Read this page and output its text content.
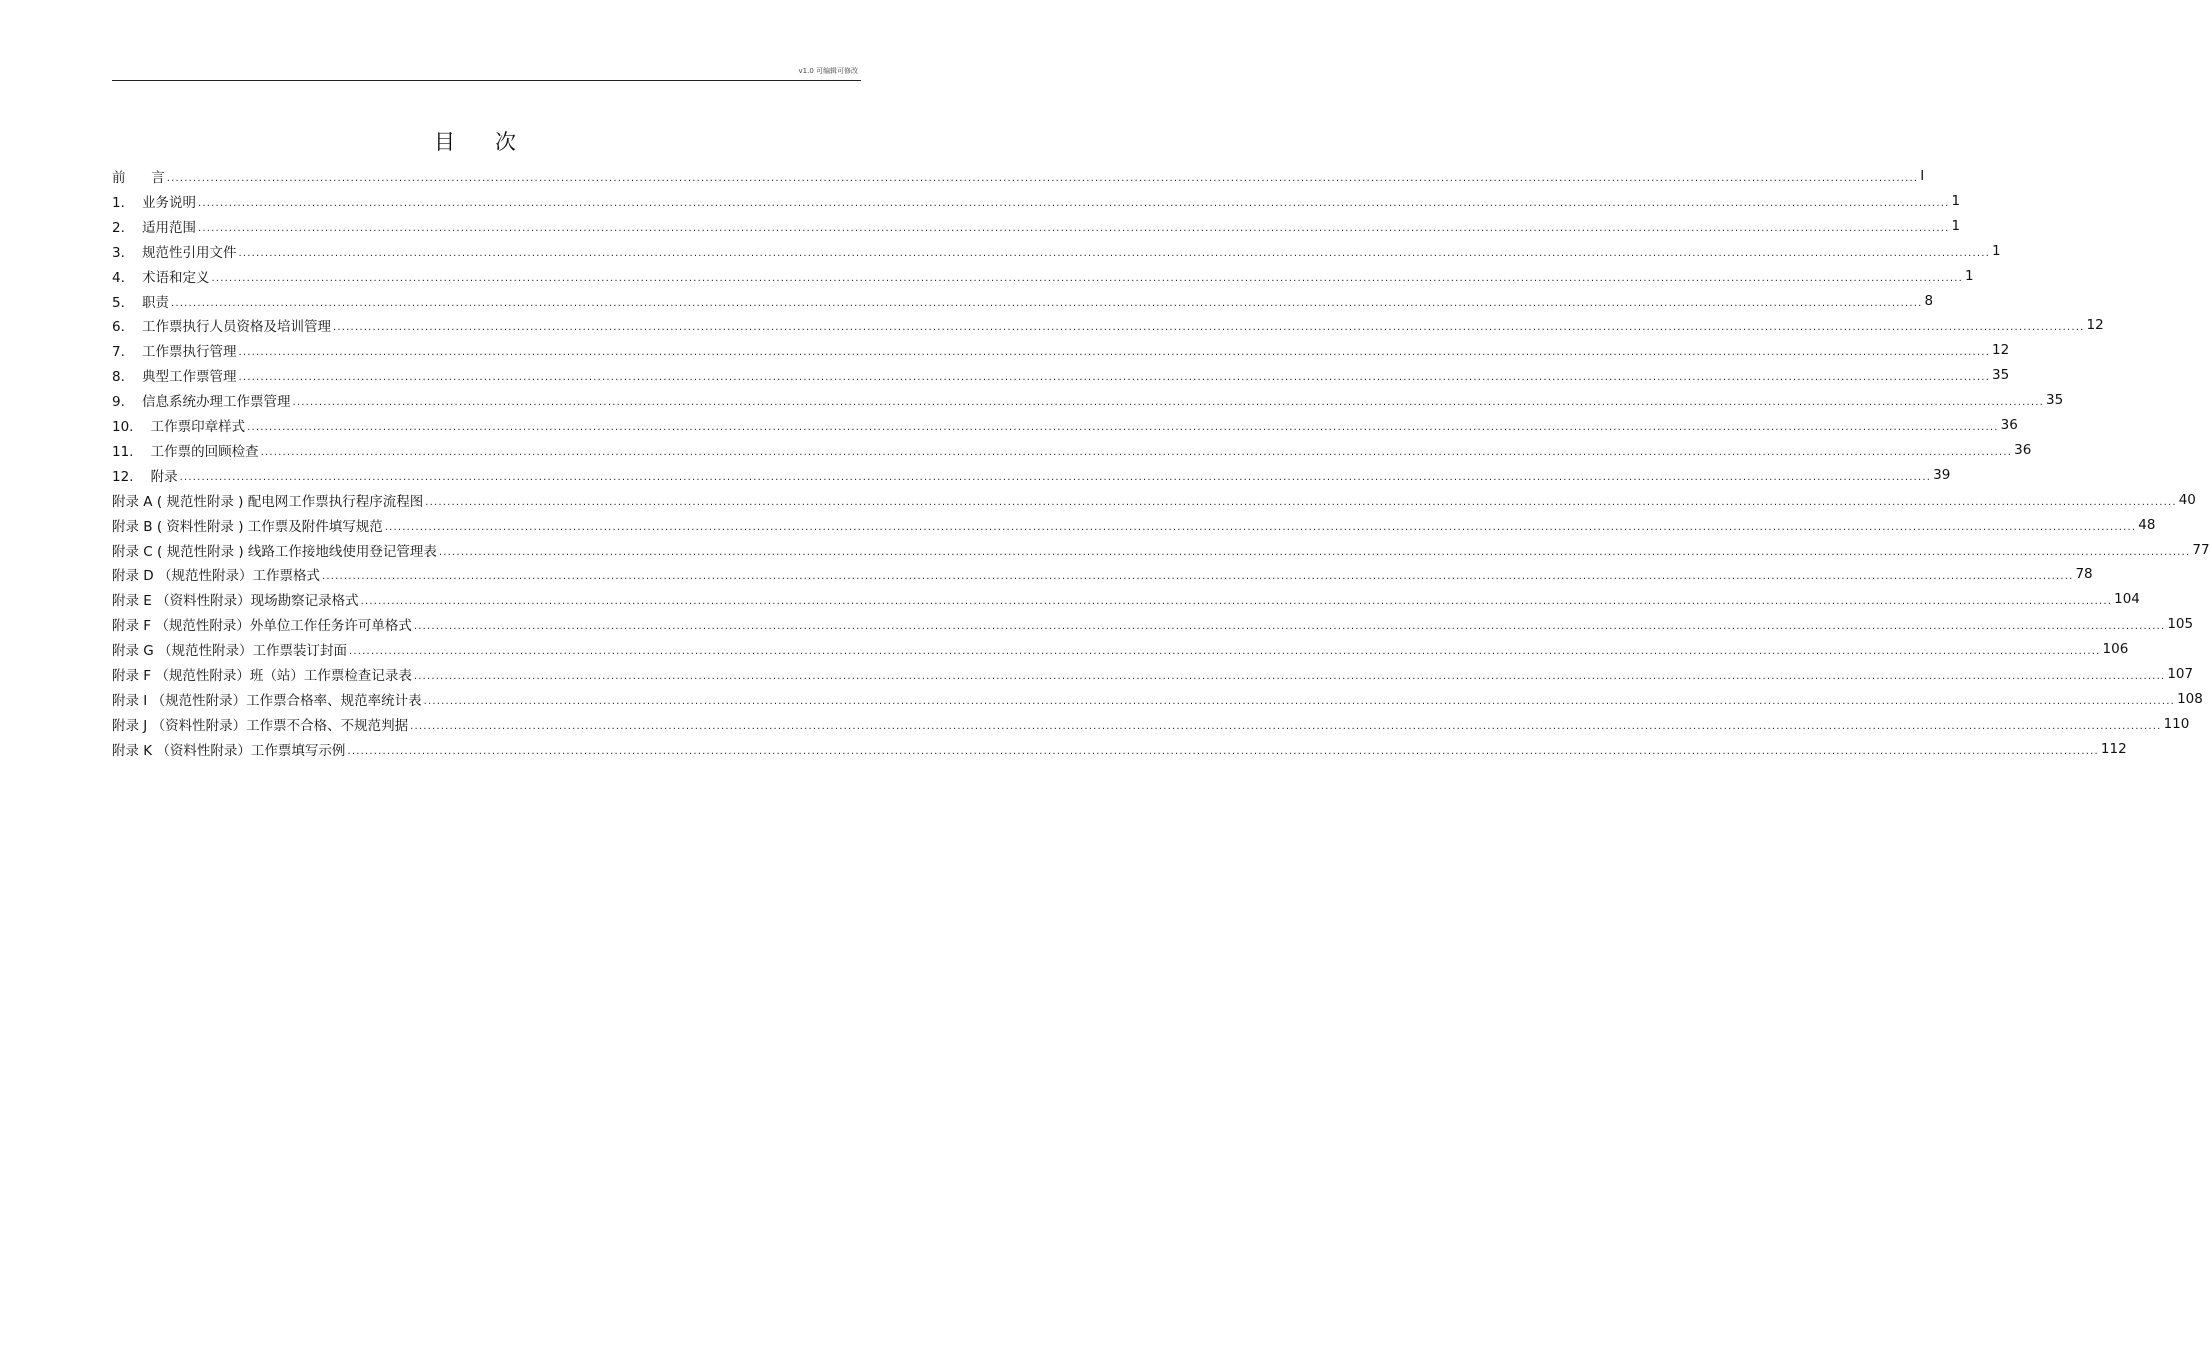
v1.0 可编辑可修改
目次
前      言 ................................................................................................................................................................................................................................................................................................................................................................................................................ I
1.    业务说明 ................................................................................................................................................................................................................................................................................................................................................................................................................ 1
2.    适用范围 ................................................................................................................................................................................................................................................................................................................................................................................................................ 1
3.    规范性引用文件 ................................................................................................................................................................................................................................................................................................................................................................................................................ 1
4.    术语和定义 ................................................................................................................................................................................................................................................................................................................................................................................................................ 1
5.    职责 ................................................................................................................................................................................................................................................................................................................................................................................................................ 8
6.    工作票执行人员资格及培训管理 ................................................................................................................................................................................................................................................................................................................................................................................................................ 12
7.    工作票执行管理 ................................................................................................................................................................................................................................................................................................................................................................................................................ 12
8.    典型工作票管理 ................................................................................................................................................................................................................................................................................................................................................................................................................ 35
9.    信息系统办理工作票管理 ................................................................................................................................................................................................................................................................................................................................................................................................................ 35
10.    工作票印章样式 ................................................................................................................................................................................................................................................................................................................................................................................................................ 36
11.    工作票的回顾检查 ................................................................................................................................................................................................................................................................................................................................................................................................................ 36
12.    附录 ................................................................................................................................................................................................................................................................................................................................................................................................................ 39
附录 A ( 规范性附录 ) 配电网工作票执行程序流程图 ................................................................................................................................................................................................................................................................................................................................................................................................................ 40
附录 B ( 资料性附录 ) 工作票及附件填写规范 ................................................................................................................................................................................................................................................................................................................................................................................................................ 48
附录 C ( 规范性附录 ) 线路工作接地线使用登记管理表 ................................................................................................................................................................................................................................................................................................................................................................................................................ 77
附录 D （规范性附录）工作票格式 ................................................................................................................................................................................................................................................................................................................................................................................................................ 78
附录 E （资料性附录）现场勘察记录格式 ................................................................................................................................................................................................................................................................................................................................................................................................................ 104
附录 F （规范性附录）外单位工作任务许可单格式 ................................................................................................................................................................................................................................................................................................................................................................................................................ 105
附录 G （规范性附录）工作票装订封面 ................................................................................................................................................................................................................................................................................................................................................................................................................ 106
附录 F （规范性附录）班（站）工作票检查记录表 ................................................................................................................................................................................................................................................................................................................................................................................................................ 107
附录 I （规范性附录）工作票合格率、规范率统计表 ................................................................................................................................................................................................................................................................................................................................................................................................................ 108
附录 J （资料性附录）工作票不合格、不规范判据 ................................................................................................................................................................................................................................................................................................................................................................................................................ 110
附录 K （资料性附录）工作票填写示例 ................................................................................................................................................................................................................................................................................................................................................................................................................ 112
